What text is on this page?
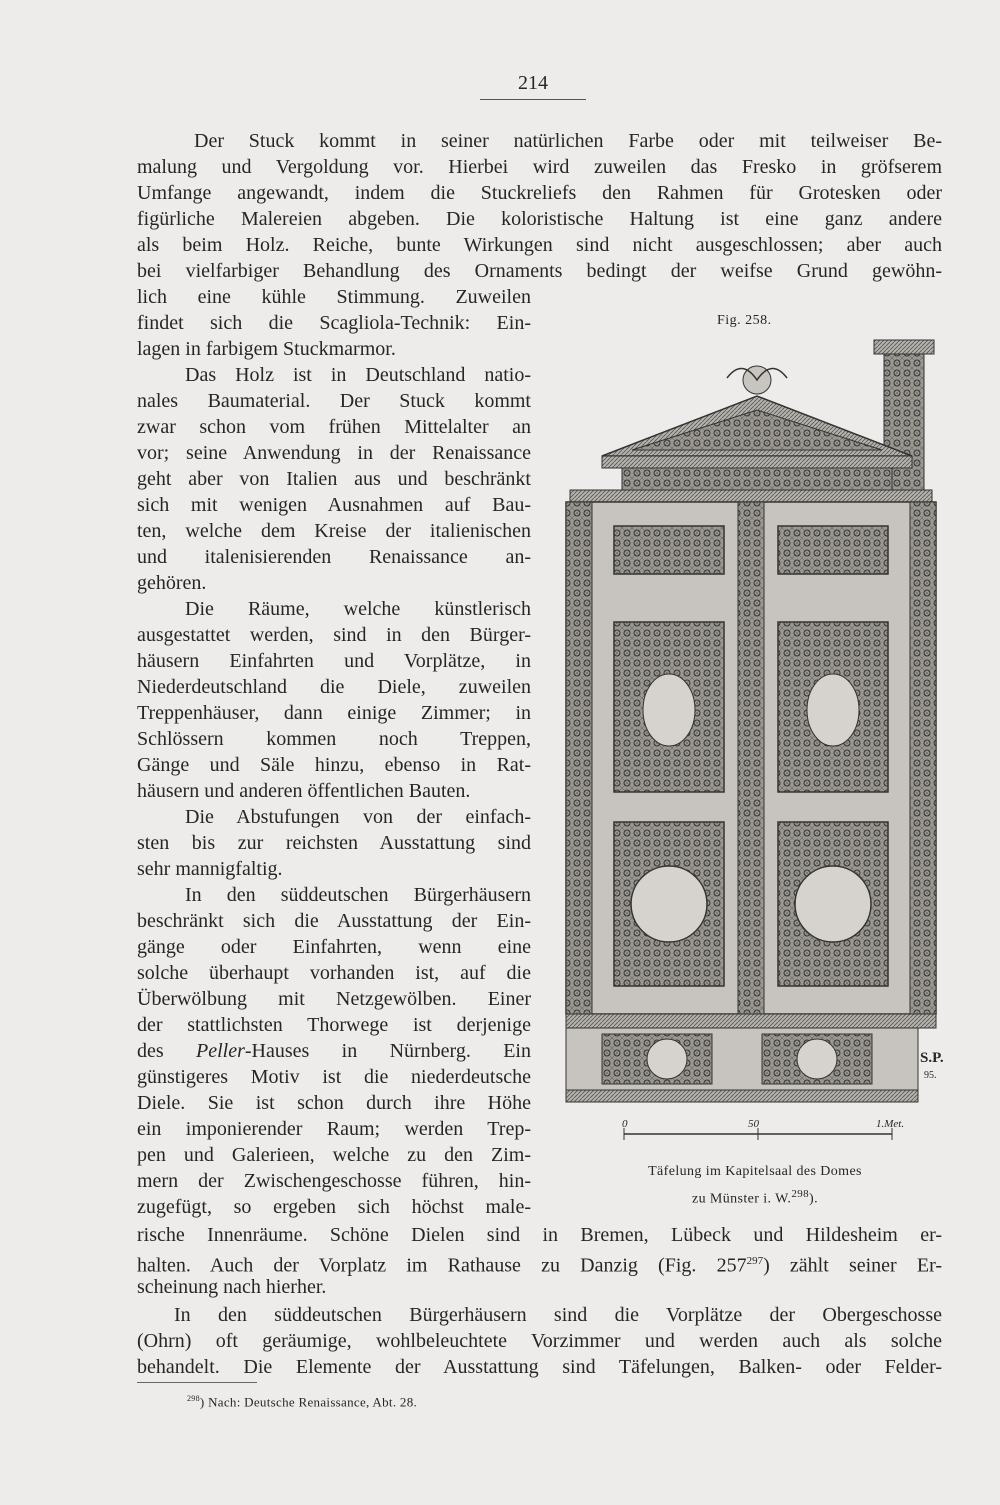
214
Der Stuck kommt in seiner natürlichen Farbe oder mit teilweiser Be-
malung und Vergoldung vor. Hierbei wird zuweilen das Fresko in gröfserem
Umfange angewandt, indem die Stuckreliefs den Rahmen für Grotesken oder
figürliche Malereien abgeben. Die koloristische Haltung ist eine ganz andere
als beim Holz. Reiche, bunte Wirkungen sind nicht ausgeschlossen; aber auch
bei vielfarbiger Behandlung des Ornaments bedingt der weifse Grund gewöhn-
lich eine kühle Stimmung. Zuweilen
findet sich die Scagliola-Technik: Ein-
lagen in farbigem Stuckmarmor.
Das Holz ist in Deutschland natio-
nales Baumaterial. Der Stuck kommt
zwar schon vom frühen Mittelalter an
vor; seine Anwendung in der Renaissance
geht aber von Italien aus und beschränkt
sich mit wenigen Ausnahmen auf Bau-
ten, welche dem Kreise der italienischen
und italenisierenden Renaissance an-
gehören.
Die Räume, welche künstlerisch
ausgestattet werden, sind in den Bürger-
häusern Einfahrten und Vorplätze, in
Niederdeutschland die Diele, zuweilen
Treppenhäuser, dann einige Zimmer; in
Schlössern kommen noch Treppen,
Gänge und Säle hinzu, ebenso in Rat-
häusern und anderen öffentlichen Bauten.
Die Abstufungen von der einfach-
sten bis zur reichsten Ausstattung sind
sehr mannigfaltig.
In den süddeutschen Bürgerhäusern
beschränkt sich die Ausstattung der Ein-
gänge oder Einfahrten, wenn eine
solche überhaupt vorhanden ist, auf die
Überwölbung mit Netzgewölben. Einer
der stattlichsten Thorwege ist derjenige
des Peller-Hauses in Nürnberg. Ein
günstigeres Motiv ist die niederdeutsche
Diele. Sie ist schon durch ihre Höhe
ein imponierender Raum; werden Trep-
pen und Galerieen, welche zu den Zim-
mern der Zwischengeschosse führen, hin-
zugefügt, so ergeben sich höchst male-
rische Innenräume. Schöne Dielen sind in Bremen, Lübeck und Hildesheim er-
halten. Auch der Vorplatz im Rathause zu Danzig (Fig. $257^{297}$) zählt seiner Er-
scheinung nach hierher.
In den süddeutschen Bürgerhäusern sind die Vorplätze der Obergeschosse
(Ohrn) oft geräumige, wohlbeleuchtete Vorzimmer und werden auch als solche
behandelt. Die Elemente der Ausstattung sind Täfelungen, Balken- oder Felder-
Fig. 258.
S.P.
95.
0	50	1.Met.
Täfelung im Kapitelsaal des Domes
zu Münster i. W.$^{298}$).
$^{298}$) Nach: Deutsche Renaissance, Abt. 28.
